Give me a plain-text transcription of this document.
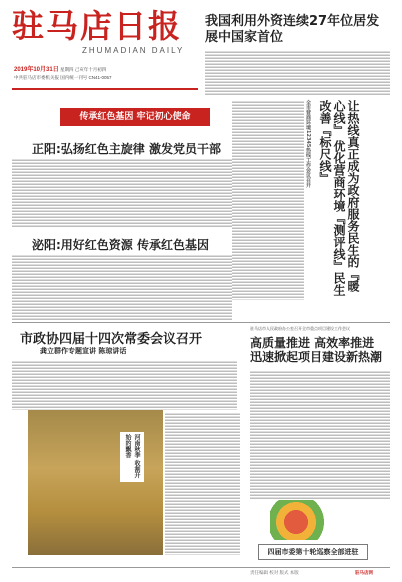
驻马店日报
ZHUMADIAN DAILY
2019年10月31日 星期四 己亥年十月初四
中共驻马店市委机关报 国内统一刊号 CN41-0057
我国利用外资连续27年位居发展中国家首位
传承红色基因 牢记初心使命
正阳:弘扬红色主旋律 激发党员干部
泌阳:用好红色资源 传承红色基因	让热线真正成为政府服务民生的『暖心线』 优化营商环境『测评线』民生改善『标尺线』
全市营商环境12345热线工作会议召开
市政协四届十四次常委会议召开
龚立群作专题宣讲 陈琼讲话
驻马店市人民政府办公室召开全市重点项目建设工作会议
高质量推进 高效率推进 迅速掀起项目建设新热潮
河南秋季 收割开始的飘香
四届市委第十轮巡察全部进驻
责任编辑 校对 版式 本版	驻马店网
